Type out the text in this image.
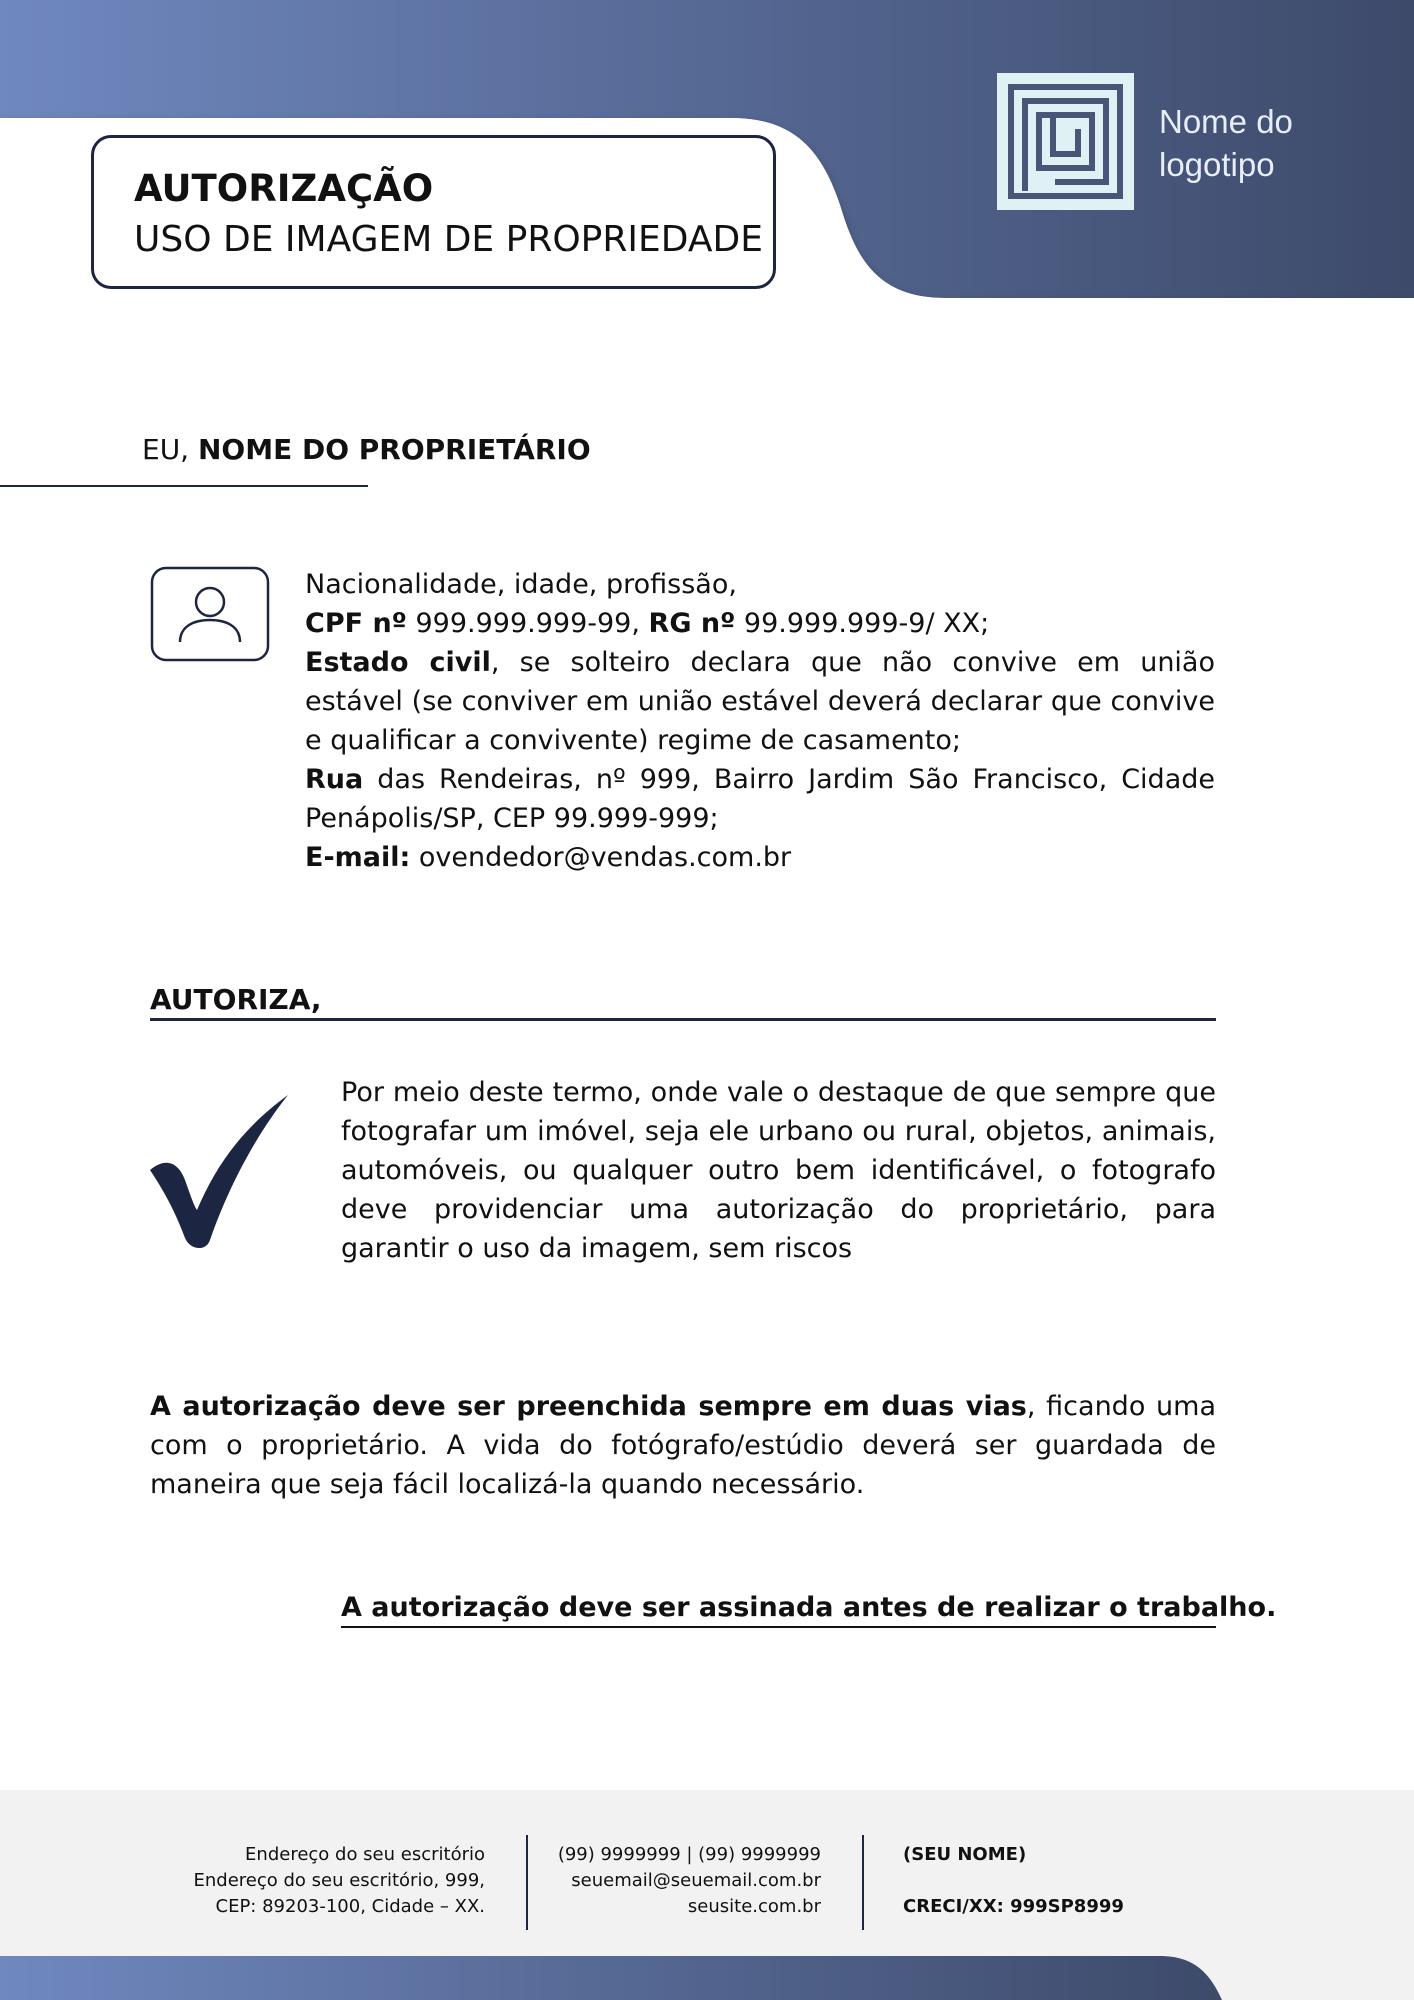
AUTORIZAÇÃO
USO DE IMAGEM DE PROPRIEDADE
Nome do
logotipo
EU, NOME DO PROPRIETÁRIO

Nacionalidade, idade, profissão,

CPF nº 999.999.999-99, RG nº 99.999.999-9/ XX;

Estado civil, se solteiro declara que não convive em união estável (se conviver em união estável deverá declarar que convive e qualificar a convivente) regime de casamento;

Rua das Rendeiras, nº 999, Bairro Jardim São Francisco, Cidade Penápolis/SP, CEP 99.999-999;

E-mail: ovendedor@vendas.com.br

AUTORIZA,

Por meio deste termo, onde vale o destaque de que sempre que fotografar um imóvel, seja ele urbano ou rural, objetos, animais, automóveis, ou qualquer outro bem identificável, o fotografo deve providenciar uma autorização do proprietário, para garantir o uso da imagem, sem riscos

A autorização deve ser preenchida sempre em duas vias, ficando uma com o proprietário. A vida do fotógrafo/estúdio deverá ser guardada de maneira que seja fácil localizá-la quando necessário.

A autorização deve ser assinada antes de realizar o trabalho.
Endereço do seu escritório
Endereço do seu escritório, 999,
CEP: 89203-100, Cidade – XX.
(99) 9999999 | (99) 9999999
seuemail@seuemail.com.br
seusite.com.br
(SEU NOME)
CRECI/XX: 999SP8999
